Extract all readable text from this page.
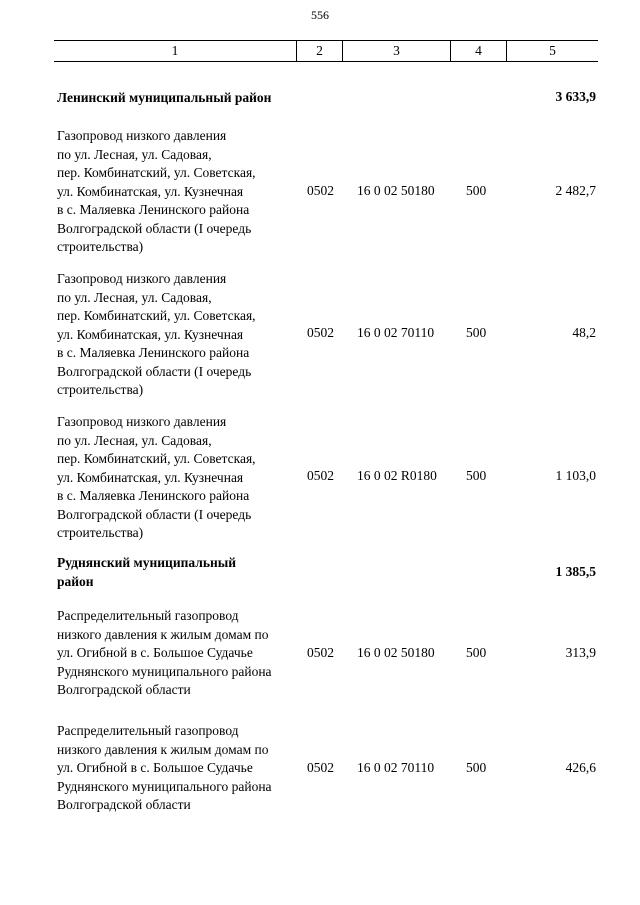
556
1	2	3	4	5
Ленинский муниципальный район	3 633,9
Газопровод низкого давления
по ул. Лесная, ул. Садовая,
пер. Комбинатский, ул. Советская,
ул. Комбинатская, ул. Кузнечная
в с. Маляевка Ленинского района
Волгоградской области (I очередь
строительства)
0502	16 0 02 50180	500	2 482,7
Газопровод низкого давления
по ул. Лесная, ул. Садовая,
пер. Комбинатский, ул. Советская,
ул. Комбинатская, ул. Кузнечная
в с. Маляевка Ленинского района
Волгоградской области (I очередь
строительства)
0502	16 0 02 70110	500	48,2
Газопровод низкого давления
по ул. Лесная, ул. Садовая,
пер. Комбинатский, ул. Советская,
ул. Комбинатская, ул. Кузнечная
в с. Маляевка Ленинского района
Волгоградской области (I очередь
строительства)
0502	16 0 02 R0180	500	1 103,0
Руднянский муниципальный
район
1 385,5
Распределительный газопровод
низкого давления к жилым домам по
ул. Огибной в с. Большое Судачье
Руднянского муниципального района
Волгоградской области
0502	16 0 02 50180	500	313,9
Распределительный газопровод
низкого давления к жилым домам по
ул. Огибной в с. Большое Судачье
Руднянского муниципального района
Волгоградской области
0502	16 0 02 70110	500	426,6
